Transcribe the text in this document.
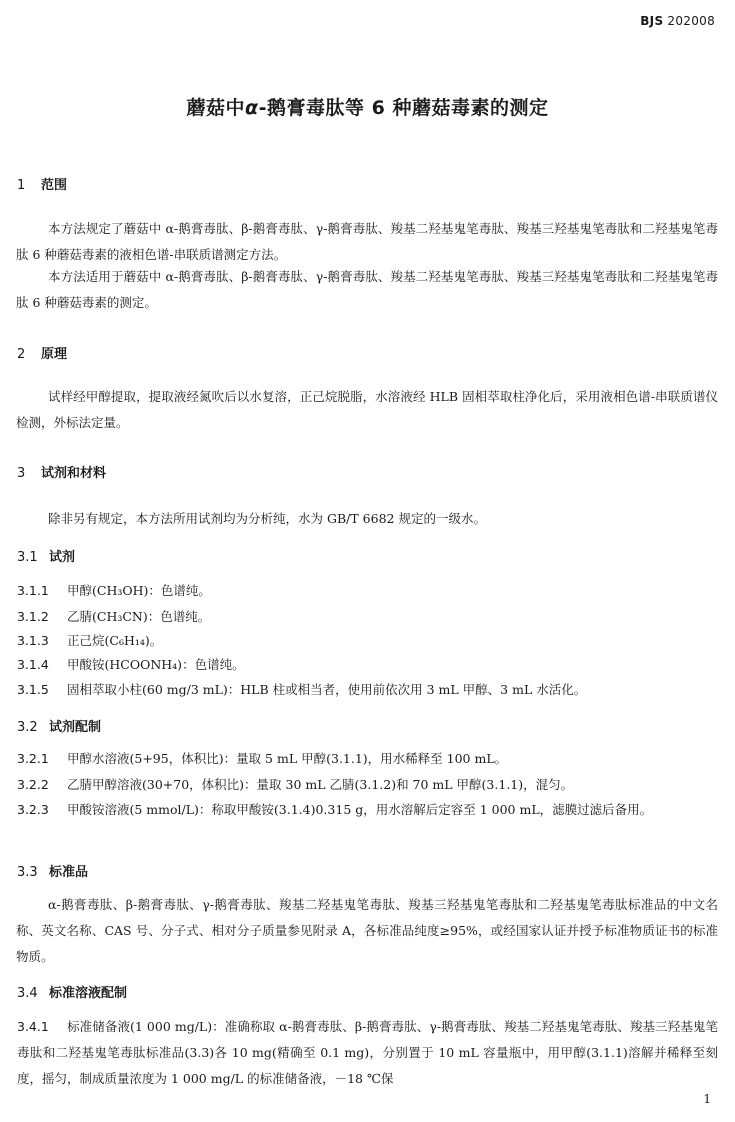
BJS 202008
蘑菇中α-鹅膏毒肽等 6 种蘑菇毒素的测定
1 范围
本方法规定了蘑菇中 α-鹅膏毒肽、β-鹅膏毒肽、γ-鹅膏毒肽、羧基二羟基鬼笔毒肽、羧基三羟基鬼笔毒肽和二羟基鬼笔毒肽 6 种蘑菇毒素的液相色谱-串联质谱测定方法。
本方法适用于蘑菇中 α-鹅膏毒肽、β-鹅膏毒肽、γ-鹅膏毒肽、羧基二羟基鬼笔毒肽、羧基三羟基鬼笔毒肽和二羟基鬼笔毒肽 6 种蘑菇毒素的测定。
2 原理
试样经甲醇提取，提取液经氮吹后以水复溶，正己烷脱脂，水溶液经 HLB 固相萃取柱净化后，采用液相色谱-串联质谱仪检测，外标法定量。
3 试剂和材料
除非另有规定，本方法所用试剂均为分析纯，水为 GB/T 6682 规定的一级水。
3.1 试剂
3.1.1 甲醇(CH₃OH)：色谱纯。
3.1.2 乙腈(CH₃CN)：色谱纯。
3.1.3 正己烷(C₆H₁₄)。
3.1.4 甲酸铵(HCOONH₄)：色谱纯。
3.1.5 固相萃取小柱(60 mg/3 mL)：HLB 柱或相当者，使用前依次用 3 mL 甲醇、3 mL 水活化。
3.2 试剂配制
3.2.1 甲醇水溶液(5+95，体积比)：量取 5 mL 甲醇(3.1.1)，用水稀释至 100 mL。
3.2.2 乙腈甲醇溶液(30+70，体积比)：量取 30 mL 乙腈(3.1.2)和 70 mL 甲醇(3.1.1)，混匀。
3.2.3 甲酸铵溶液(5 mmol/L)：称取甲酸铵(3.1.4)0.315 g，用水溶解后定容至 1 000 mL，滤膜过滤后备用。
3.3 标准品
α-鹅膏毒肽、β-鹅膏毒肽、γ-鹅膏毒肽、羧基二羟基鬼笔毒肽、羧基三羟基鬼笔毒肽和二羟基鬼笔毒肽标准品的中文名称、英文名称、CAS 号、分子式、相对分子质量参见附录 A，各标准品纯度≥95%，或经国家认证并授予标准物质证书的标准物质。
3.4 标准溶液配制
3.4.1 标准储备液(1 000 mg/L)：准确称取 α-鹅膏毒肽、β-鹅膏毒肽、γ-鹅膏毒肽、羧基二羟基鬼笔毒肽、羧基三羟基鬼笔毒肽和二羟基鬼笔毒肽标准品(3.3)各 10 mg(精确至 0.1 mg)，分别置于 10 mL 容量瓶中，用甲醇(3.1.1)溶解并稀释至刻度，摇匀，制成质量浓度为 1 000 mg/L 的标准储备液，－18 ℃保
1
